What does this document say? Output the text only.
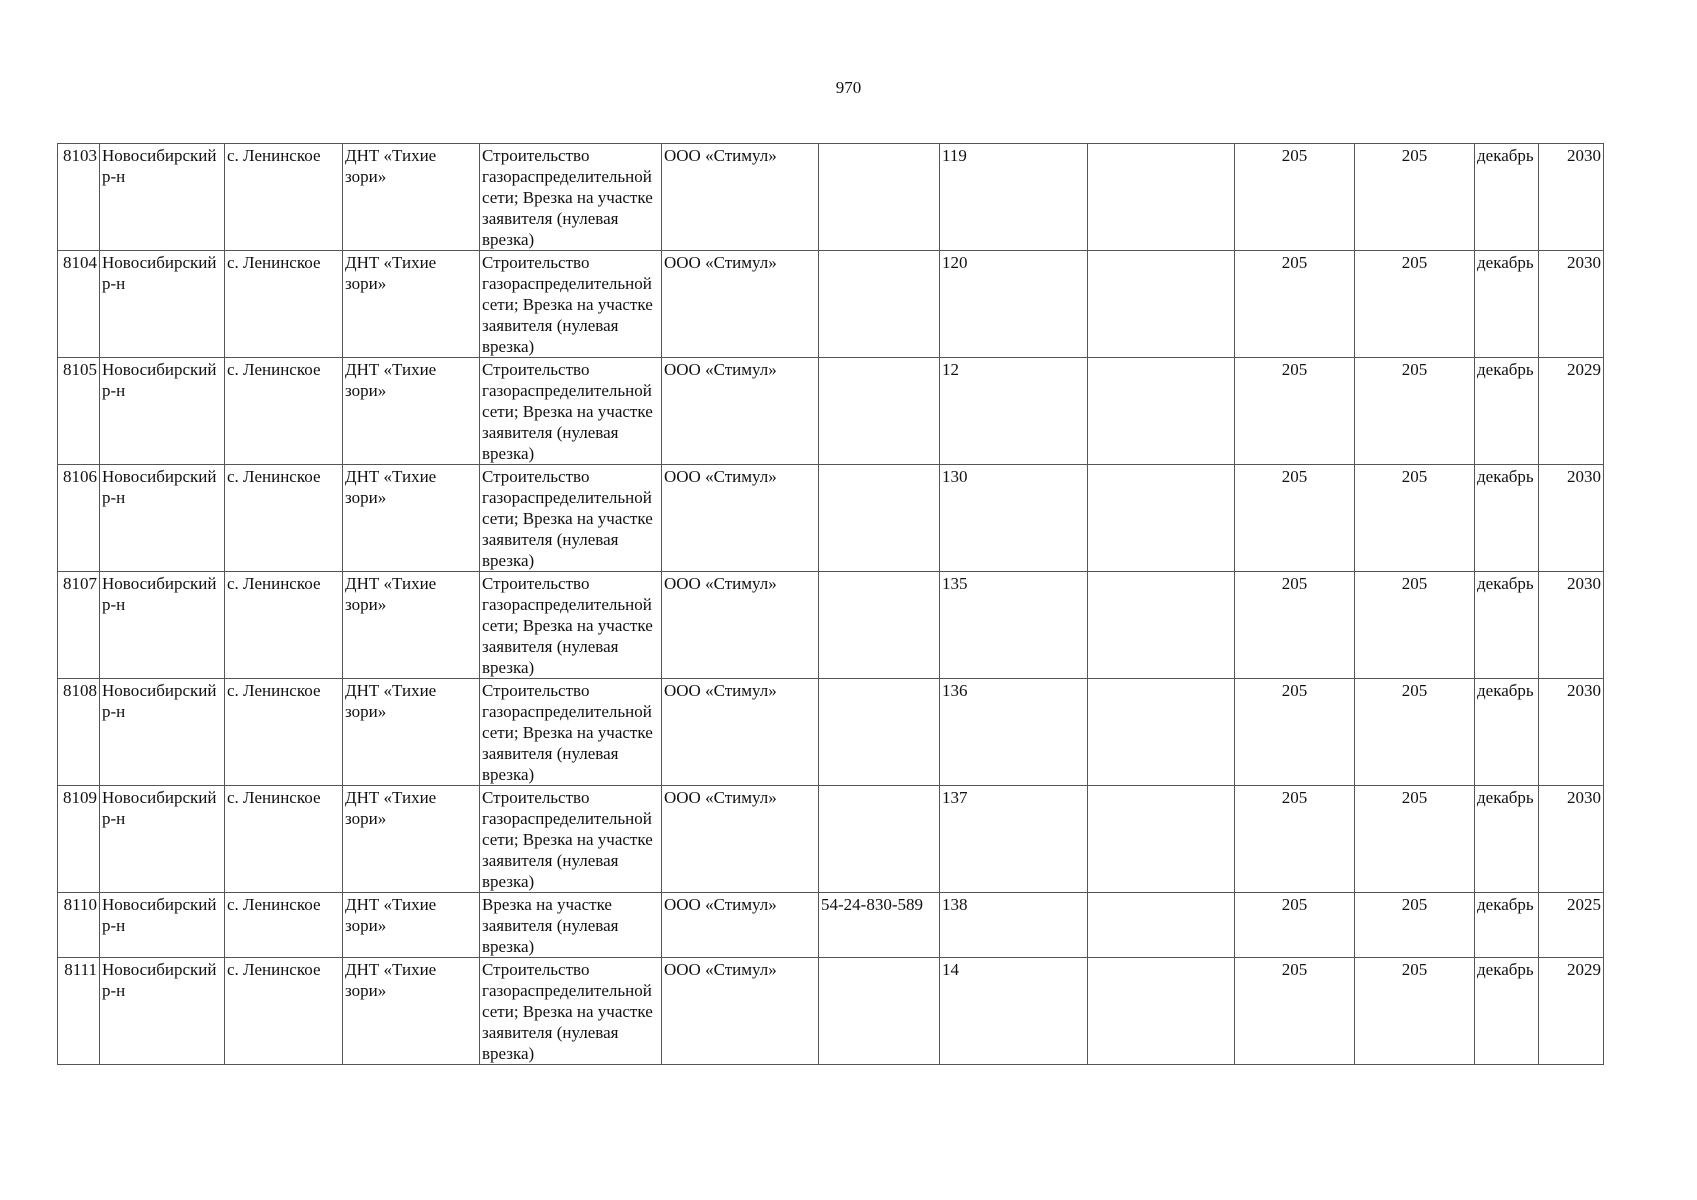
970
8103	Новосибирский р-н	с. Ленинское	ДНТ «Тихие зори»	Строительство газораспределительной сети; Врезка на участке заявителя (нулевая врезка)	ООО «Стимул»		119		205	205	декабрь	2030
8104	Новосибирский р-н	с. Ленинское	ДНТ «Тихие зори»	Строительство газораспределительной сети; Врезка на участке заявителя (нулевая врезка)	ООО «Стимул»		120		205	205	декабрь	2030
8105	Новосибирский р-н	с. Ленинское	ДНТ «Тихие зори»	Строительство газораспределительной сети; Врезка на участке заявителя (нулевая врезка)	ООО «Стимул»		12		205	205	декабрь	2029
8106	Новосибирский р-н	с. Ленинское	ДНТ «Тихие зори»	Строительство газораспределительной сети; Врезка на участке заявителя (нулевая врезка)	ООО «Стимул»		130		205	205	декабрь	2030
8107	Новосибирский р-н	с. Ленинское	ДНТ «Тихие зори»	Строительство газораспределительной сети; Врезка на участке заявителя (нулевая врезка)	ООО «Стимул»		135		205	205	декабрь	2030
8108	Новосибирский р-н	с. Ленинское	ДНТ «Тихие зори»	Строительство газораспределительной сети; Врезка на участке заявителя (нулевая врезка)	ООО «Стимул»		136		205	205	декабрь	2030
8109	Новосибирский р-н	с. Ленинское	ДНТ «Тихие зори»	Строительство газораспределительной сети; Врезка на участке заявителя (нулевая врезка)	ООО «Стимул»		137		205	205	декабрь	2030
8110	Новосибирский р-н	с. Ленинское	ДНТ «Тихие зори»	Врезка на участке заявителя (нулевая врезка)	ООО «Стимул»	54-24-830-589	138		205	205	декабрь	2025
8111	Новосибирский р-н	с. Ленинское	ДНТ «Тихие зори»	Строительство газораспределительной сети; Врезка на участке заявителя (нулевая врезка)	ООО «Стимул»		14		205	205	декабрь	2029
